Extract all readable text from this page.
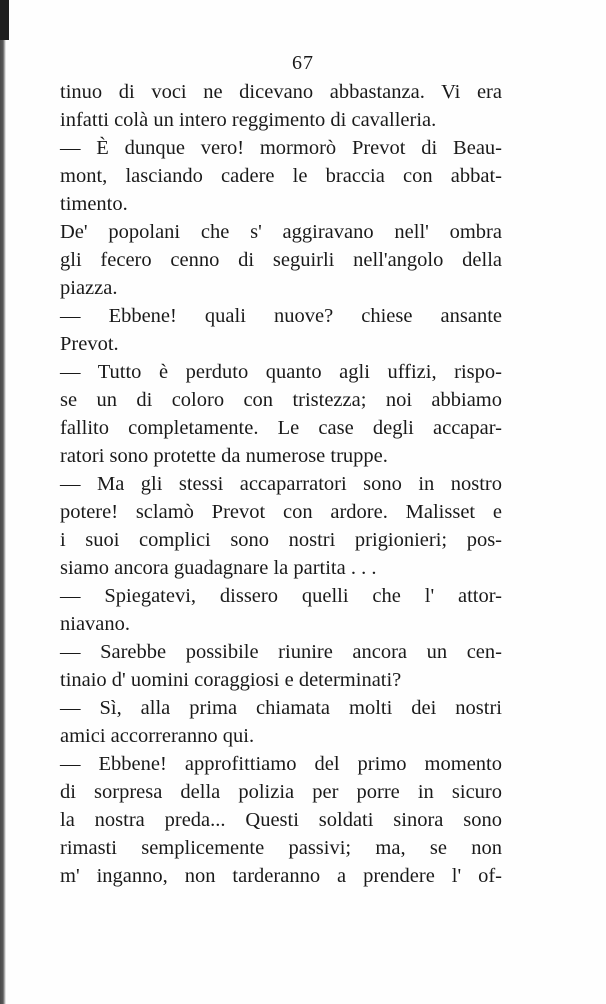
67
tinuo di voci ne dicevano abbastanza. Vi era
infatti colà un intero reggimento di cavalleria.
— È dunque vero! mormorò Prevot di Beau-
mont, lasciando cadere le braccia con abbat-
timento.
De' popolani che s' aggiravano nell' ombra
gli fecero cenno di seguirli nell'angolo della
piazza.
— Ebbene! quali nuove? chiese ansante
Prevot.
— Tutto è perduto quanto agli uffizi, rispo-
se un di coloro con tristezza; noi abbiamo
fallito completamente. Le case degli accapar-
ratori sono protette da numerose truppe.
— Ma gli stessi accaparratori sono in nostro
potere! sclamò Prevot con ardore. Malisset e
i suoi complici sono nostri prigionieri; pos-
siamo ancora guadagnare la partita . . .
— Spiegatevi, dissero quelli che l' attor-
niavano.
— Sarebbe possibile riunire ancora un cen-
tinaio d' uomini coraggiosi e determinati?
— Sì, alla prima chiamata molti dei nostri
amici accorreranno qui.
— Ebbene! approfittiamo del primo momento
di sorpresa della polizia per porre in sicuro
la nostra preda... Questi soldati sinora sono
rimasti semplicemente passivi; ma, se non
m' inganno, non tarderanno a prendere l' of-
